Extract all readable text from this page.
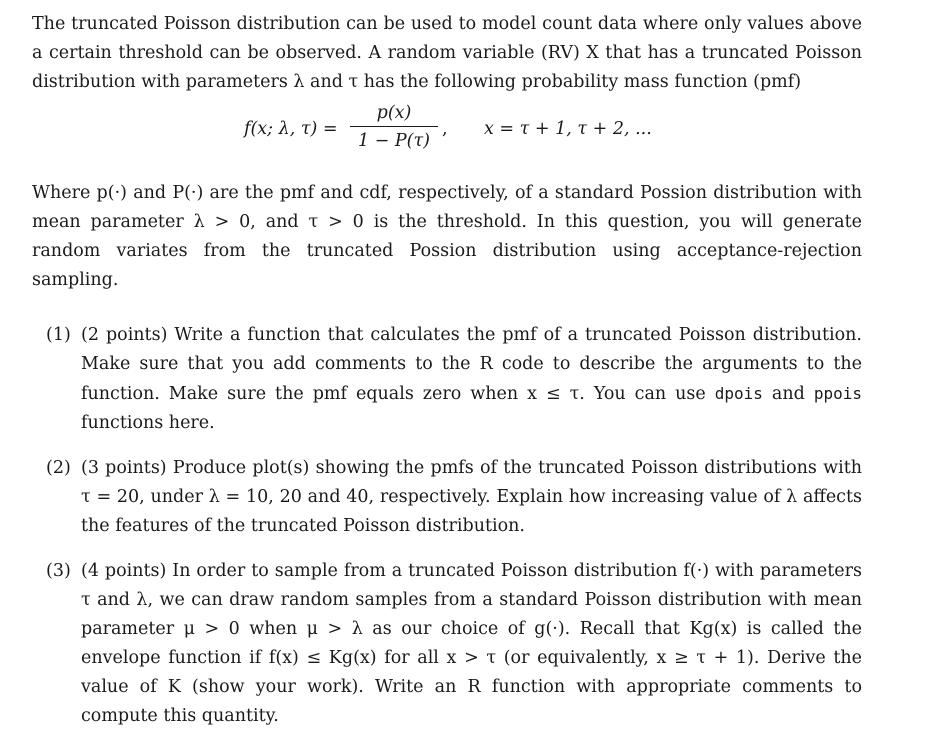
The truncated Poisson distribution can be used to model count data where only values above a certain threshold can be observed. A random variable (RV) X that has a truncated Poisson distribution with parameters λ and τ has the following probability mass function (pmf)

f(x; λ, τ) =
p(x)
1 − P(τ)
, x = τ + 1, τ + 2, ...

Where p(·) and P(·) are the pmf and cdf, respectively, of a standard Possion distribution with mean parameter λ > 0, and τ > 0 is the threshold. In this question, you will generate random variates from the truncated Possion distribution using acceptance-rejection sampling.

(1) (2 points) Write a function that calculates the pmf of a truncated Poisson distribution. Make sure that you add comments to the R code to describe the arguments to the function. Make sure the pmf equals zero when x ≤ τ. You can use dpois and ppois functions here.

(2) (3 points) Produce plot(s) showing the pmfs of the truncated Poisson distributions with τ = 20, under λ = 10, 20 and 40, respectively. Explain how increasing value of λ affects the features of the truncated Poisson distribution.

(3) (4 points) In order to sample from a truncated Poisson distribution f(·) with parameters τ and λ, we can draw random samples from a standard Poisson distribution with mean parameter μ > 0 when μ > λ as our choice of g(·). Recall that Kg(x) is called the envelope function if f(x) ≤ Kg(x) for all x > τ (or equivalently, x ≥ τ + 1). Derive the value of K (show your work). Write an R function with appropriate comments to compute this quantity.
